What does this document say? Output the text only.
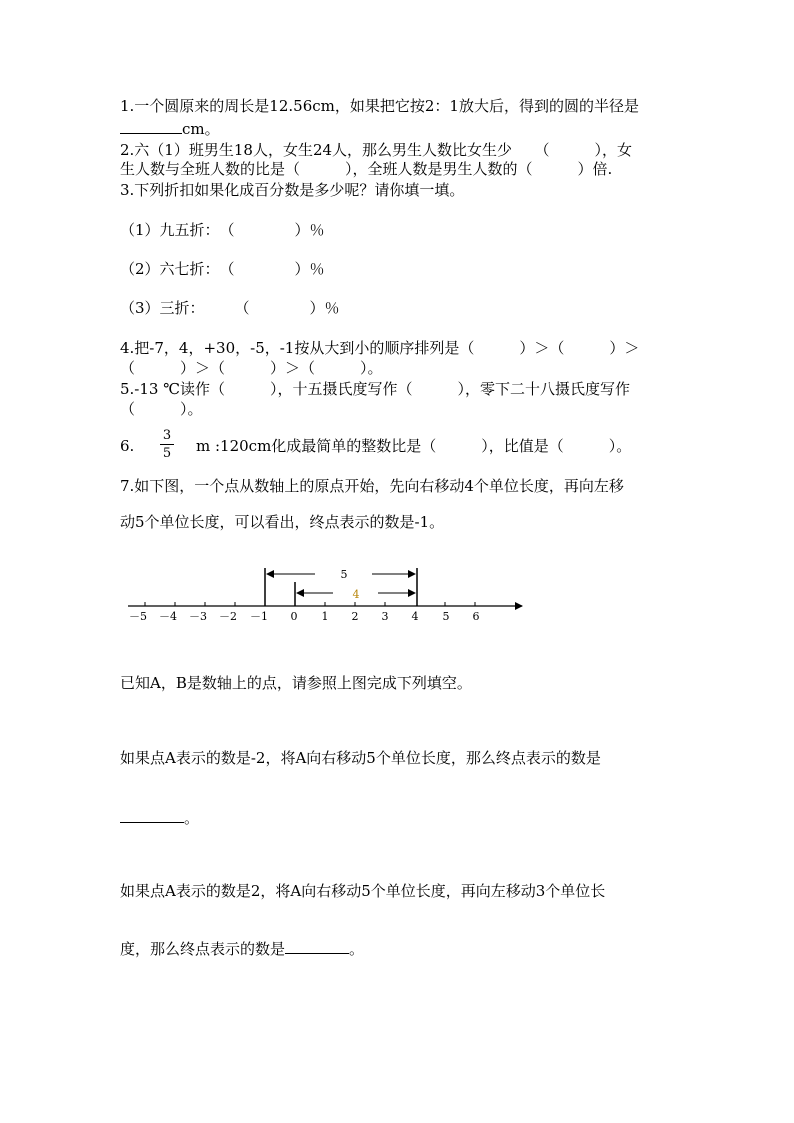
1.一个圆原来的周长是12.56cm，如果把它按2：1放大后，得到的圆的半径是
cm。
2.六（1）班男生18人，女生24人，那么男生人数比女生少　　（　　　），女
生人数与全班人数的比是（　　　），全班人数是男生人数的（　　　）倍.
3.下列折扣如果化成百分数是多少呢？请你填一填。
（1）九五折：　（　　　　）％
（2）六七折：　（　　　　）％
（3）三折：　　　（　　　　）％
4.把-7，4，+30，-5，-1按从大到小的顺序排列是（　　　）＞（　　　）＞
（　　　）＞（　　　）＞（　　　）。
5.-13 ℃读作（　　　），十五摄氏度写作（　　　），零下二十八摄氏度写作
（　　　）。
6.
3
5 m :120cm化成最简单的整数比是（　　　），比值是（　　　）。
7.如下图，一个点从数轴上的原点开始，先向右移动4个单位长度，再向左移
动5个单位长度，可以看出，终点表示的数是-1。
5
4
－5 －4 －3 －2 －1 0 1 2 3 4 5 6
已知A，B是数轴上的点，请参照上图完成下列填空。
如果点A表示的数是-2，将A向右移动5个单位长度，那么终点表示的数是
。
如果点A表示的数是2，将A向右移动5个单位长度，再向左移动3个单位长
度，那么终点表示的数是	。
